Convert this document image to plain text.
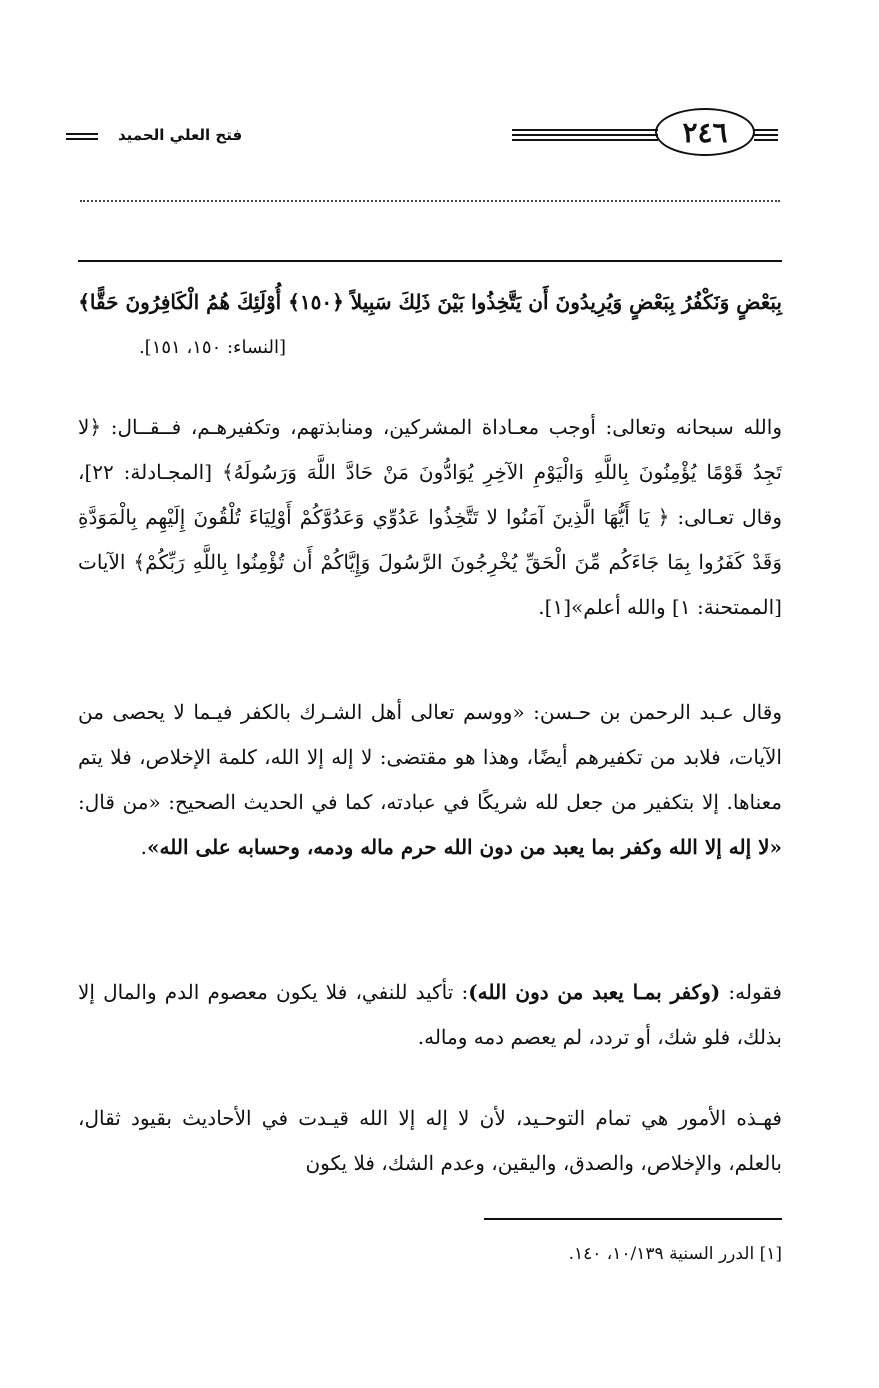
فتح العلي الحميد	٢٤٦
بِبَعْضٍ وَنَكْفُرُ بِبَعْضٍ وَيُرِيدُونَ أَن يَتَّخِذُوا بَيْنَ ذَلِكَ سَبِيلاً ﴿١٥٠﴾ أُوْلَئِكَ هُمُ الْكَافِرُونَ حَقًّا﴾
[النساء: ١٥٠، ١٥١].
والله سبحانه وتعالى: أوجب معـاداة المشركين، ومنابذتهم، وتكفيرهـم، فــقــال: ﴿لا تَجِدُ قَوْمًا يُؤْمِنُونَ بِاللَّهِ وَالْيَوْمِ الآخِرِ يُوَادُّونَ مَنْ حَادَّ اللَّهَ وَرَسُولَهُ﴾ [المجـادلة: ٢٢]، وقال تعـالى: ﴿ يَا أَيُّهَا الَّذِينَ آمَنُوا لا تَتَّخِذُوا عَدُوِّي وَعَدُوَّكُمْ أَوْلِيَاءَ تُلْقُونَ إِلَيْهِم بِالْمَوَدَّةِ وَقَدْ كَفَرُوا بِمَا جَاءَكُم مِّنَ الْحَقِّ يُخْرِجُونَ الرَّسُولَ وَإِيَّاكُمْ أَن تُؤْمِنُوا بِاللَّهِ رَبِّكُمْ﴾ الآيات [الممتحنة: ١] والله أعلم»[١].
وقال عـبد الرحمن بن حـسن: «ووسم تعالى أهل الشـرك بالكفر فيـما لا يحصى من الآيات، فلابد من تكفيرهم أيضًا، وهذا هو مقتضى: لا إله إلا الله، كلمة الإخلاص، فلا يتم معناها. إلا بتكفير من جعل لله شريكًا في عبادته، كما في الحديث الصحيح: «من قال: «لا إله إلا الله وكفر بما يعبد من دون الله حرم ماله ودمه، وحسابه على الله».
فقوله: (وكفر بمـا يعبد من دون الله): تأكيد للنفي، فلا يكون معصوم الدم والمال إلا بذلك، فلو شك، أو تردد، لم يعصم دمه وماله.
فهـذه الأمور هي تمام التوحـيد، لأن لا إله إلا الله قيـدت في الأحاديث بقيود ثقال، بالعلم، والإخلاص، والصدق، واليقين، وعدم الشك، فلا يكون
[١] الدرر السنية ١٠/١٣٩، ١٤٠.
